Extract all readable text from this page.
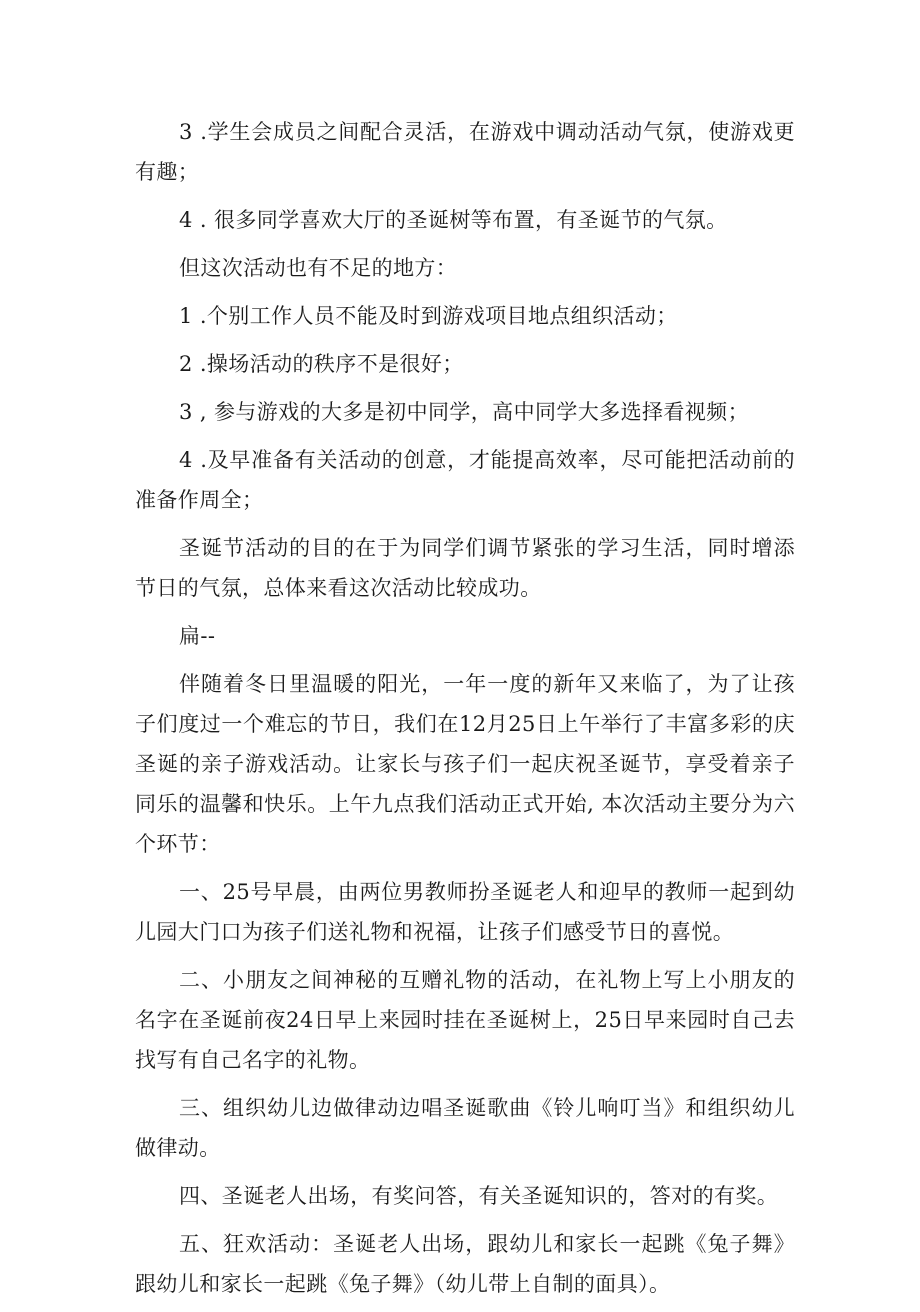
3 .学生会成员之间配合灵活，在游戏中调动活动气氛，使游戏更有趣；

4 . 很多同学喜欢大厅的圣诞树等布置，有圣诞节的气氛。

但这次活动也有不足的地方：

1 .个别工作人员不能及时到游戏项目地点组织活动；

2 .操场活动的秩序不是很好；

3 , 参与游戏的大多是初中同学，高中同学大多选择看视频；

4 .及早准备有关活动的创意，才能提高效率，尽可能把活动前的准备作周全；

圣诞节活动的目的在于为同学们调节紧张的学习生活，同时增添节日的气氛，总体来看这次活动比较成功。

扁--

伴随着冬日里温暖的阳光，一年一度的新年又来临了，为了让孩子们度过一个难忘的节日，我们在12月25日上午举行了丰富多彩的庆圣诞的亲子游戏活动。让家长与孩子们一起庆祝圣诞节，享受着亲子同乐的温馨和快乐。上午九点我们活动正式开始, 本次活动主要分为六个环节：

一、25号早晨，由两位男教师扮圣诞老人和迎早的教师一起到幼儿园大门口为孩子们送礼物和祝福，让孩子们感受节日的喜悦。

二、小朋友之间神秘的互赠礼物的活动，在礼物上写上小朋友的名字在圣诞前夜24日早上来园时挂在圣诞树上，25日早来园时自己去找写有自己名字的礼物。

三、组织幼儿边做律动边唱圣诞歌曲《铃儿响叮当》和组织幼儿做律动。

四、圣诞老人出场，有奖问答，有关圣诞知识的，答对的有奖。

五、狂欢活动：圣诞老人出场，跟幼儿和家长一起跳《兔子舞》跟幼儿和家长一起跳《兔子舞》（幼儿带上自制的面具）。
